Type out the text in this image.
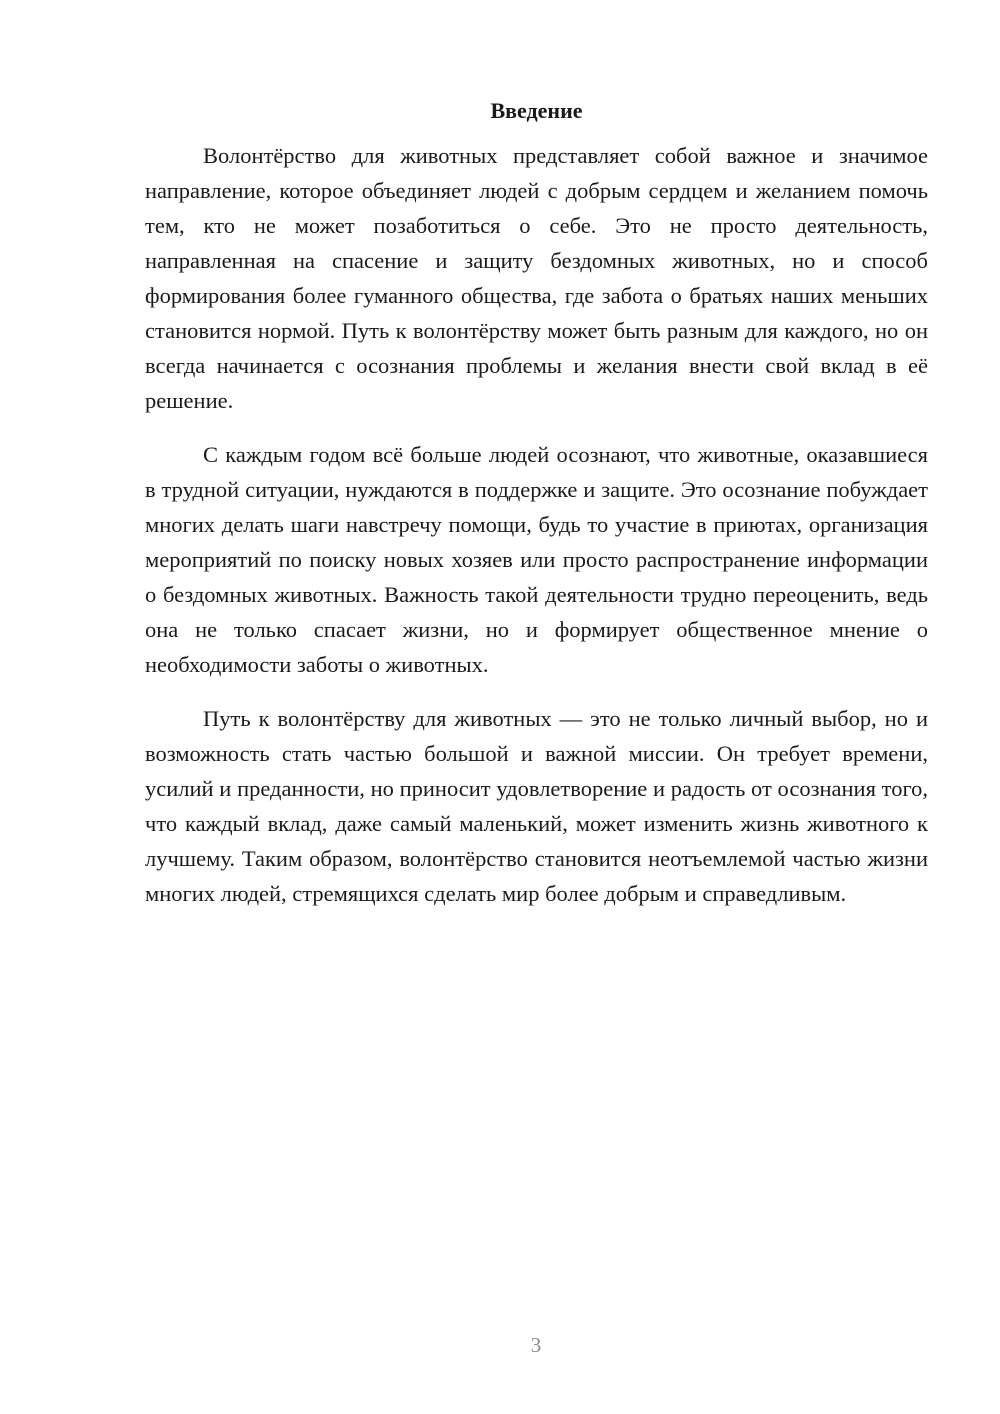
Введение

Волонтёрство для животных представляет собой важное и значимое направление, которое объединяет людей с добрым сердцем и желанием помочь тем, кто не может позаботиться о себе. Это не просто деятельность, направленная на спасение и защиту бездомных животных, но и способ формирования более гуманного общества, где забота о братьях наших меньших становится нормой. Путь к волонтёрству может быть разным для каждого, но он всегда начинается с осознания проблемы и желания внести свой вклад в её решение.

С каждым годом всё больше людей осознают, что животные, оказавшиеся в трудной ситуации, нуждаются в поддержке и защите. Это осознание побуждает многих делать шаги навстречу помощи, будь то участие в приютах, организация мероприятий по поиску новых хозяев или просто распространение информации о бездомных животных. Важность такой деятельности трудно переоценить, ведь она не только спасает жизни, но и формирует общественное мнение о необходимости заботы о животных.

Путь к волонтёрству для животных — это не только личный выбор, но и возможность стать частью большой и важной миссии. Он требует времени, усилий и преданности, но приносит удовлетворение и радость от осознания того, что каждый вклад, даже самый маленький, может изменить жизнь животного к лучшему. Таким образом, волонтёрство становится неотъемлемой частью жизни многих людей, стремящихся сделать мир более добрым и справедливым.

3
